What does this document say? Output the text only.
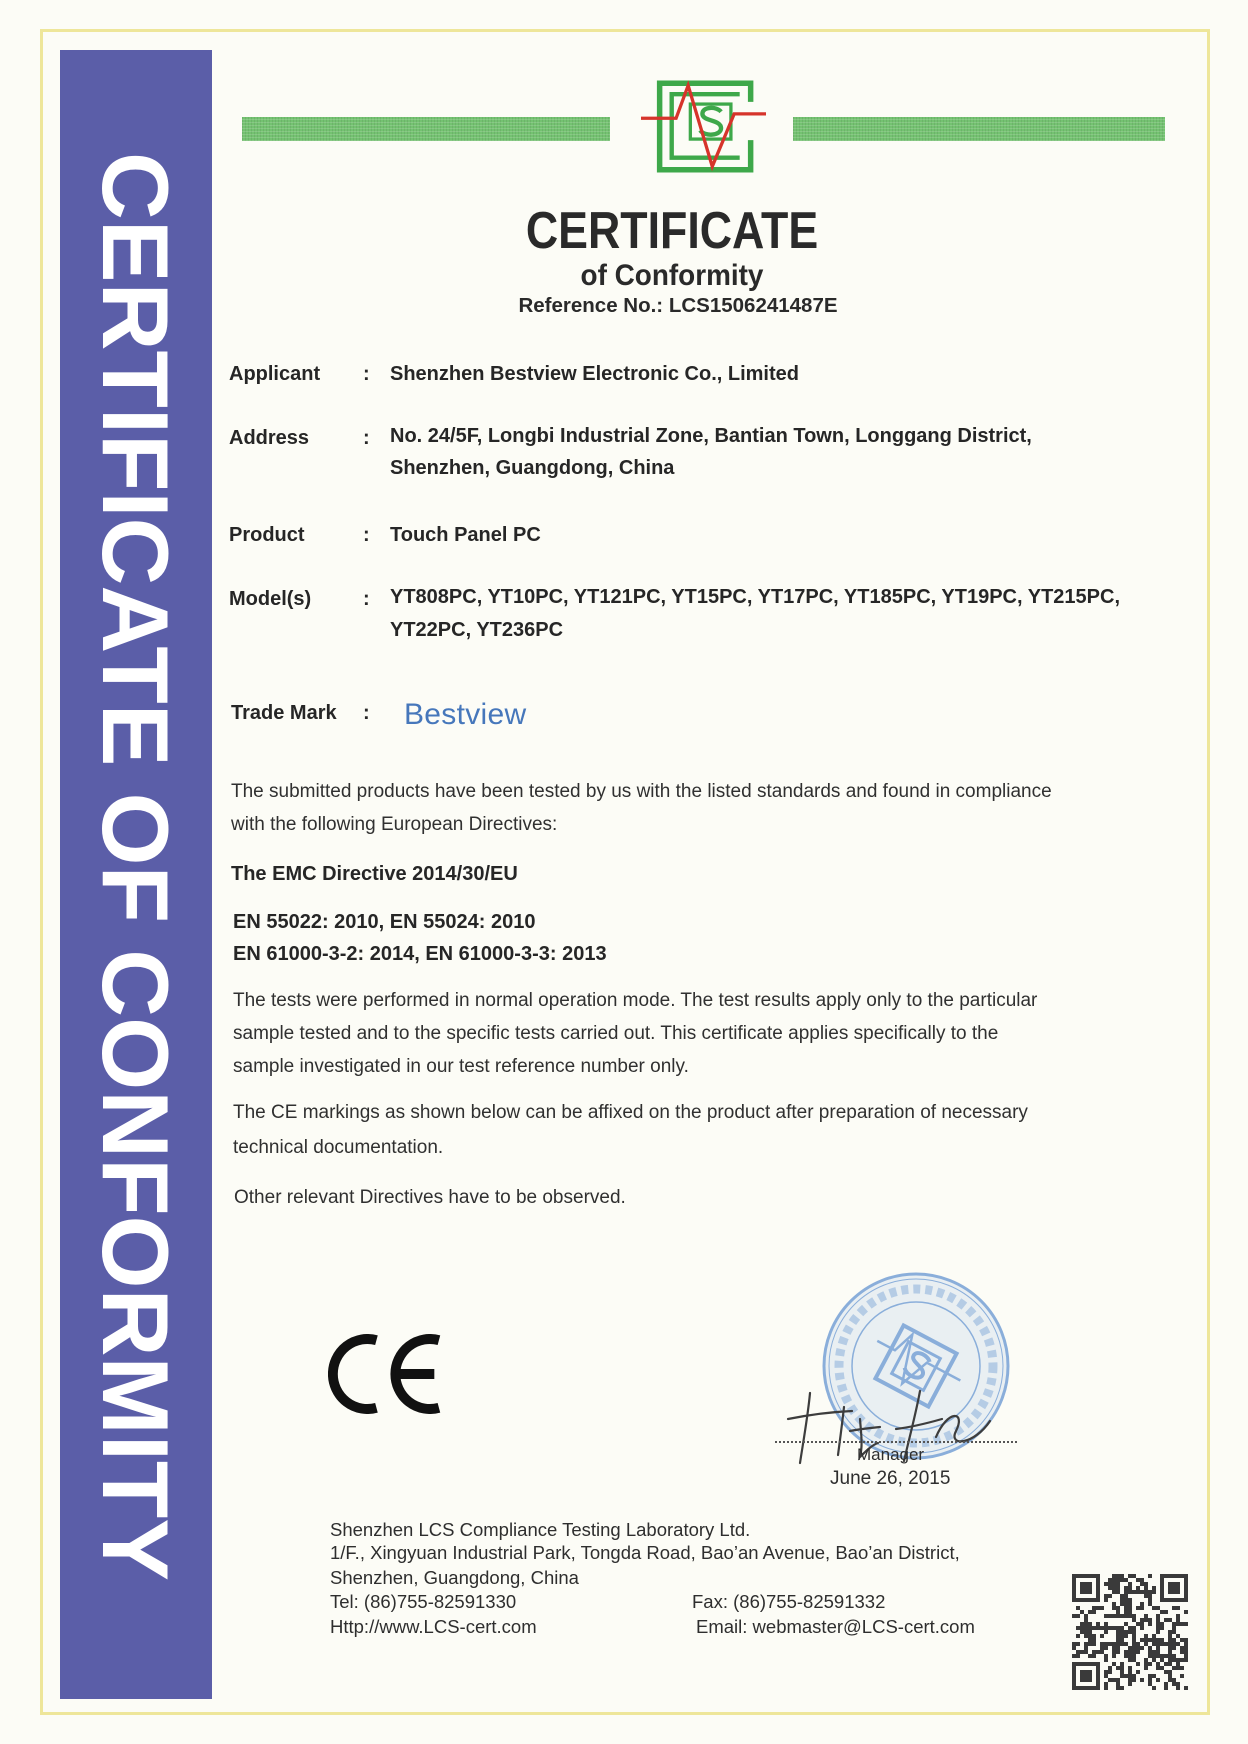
CERTIFICATE OF CONFORMITY	CERTIFICATE
of Conformity
Reference No.: LCS1506241487E
Applicant : Shenzhen Bestview Electronic Co., Limited
Address	: No. 24/5F, Longbi Industrial Zone, Bantian Town, Longgang District,
Shenzhen, Guangdong, China
Product	: Touch Panel PC
Model(s)	: YT808PC, YT10PC, YT121PC, YT15PC, YT17PC, YT185PC, YT19PC, YT215PC,
YT22PC, YT236PC
Trade Mark : Bestview
The submitted products have been tested by us with the listed standards and found in compliance
with the following European Directives:
The EMC Directive 2014/30/EU
EN 55022: 2010, EN 55024: 2010
EN 61000-3-2: 2014, EN 61000-3-3: 2013
The tests were performed in normal operation mode. The test results apply only to the particular
sample tested and to the specific tests carried out. This certificate applies specifically to the
sample investigated in our test reference number only.
The CE markings as shown below can be affixed on the product after preparation of necessary
technical documentation.
Other relevant Directives have to be observed.
Manager
June 26, 2015
Shenzhen LCS Compliance Testing Laboratory Ltd.
1/F., Xingyuan Industrial Park, Tongda Road, Bao’an Avenue, Bao’an District,
Shenzhen, Guangdong, China
Tel: (86)755-82591330	Fax: (86)755-82591332
Http://www.LCS-cert.com	Email: webmaster@LCS-cert.com
